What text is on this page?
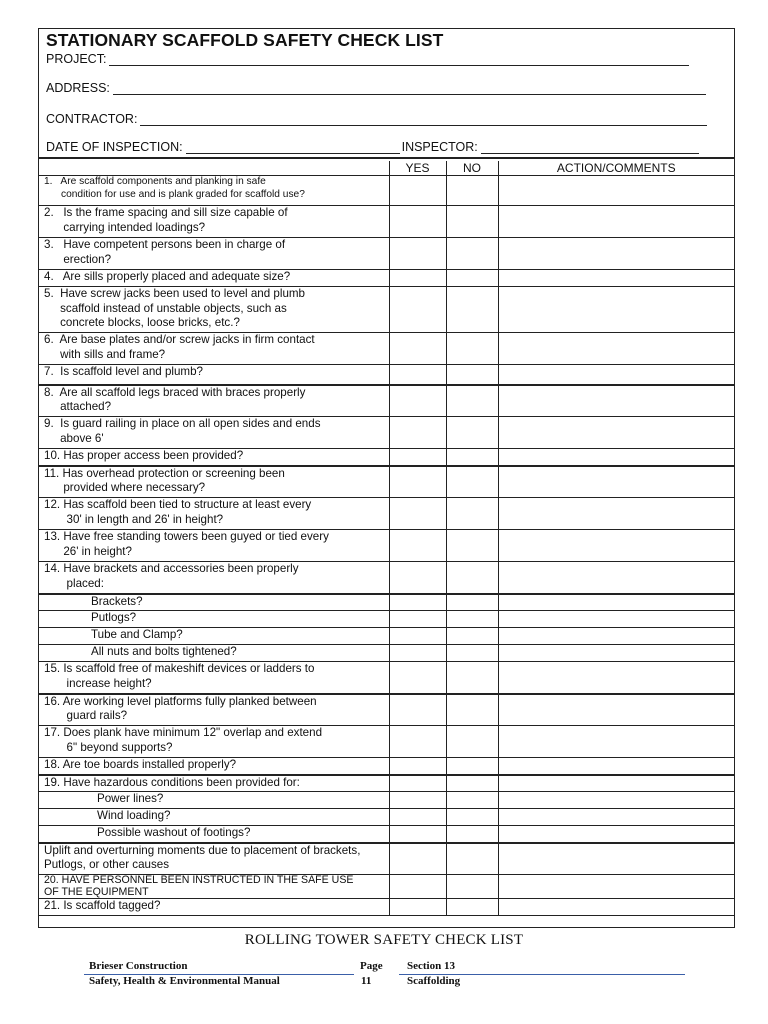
STATIONARY SCAFFOLD SAFETY CHECK LIST
PROJECT:
ADDRESS:
CONTRACTOR:
DATE OF INSPECTION:	INSPECTOR:
	YES	NO	ACTION/COMMENTS
1.   Are scaffold components and planking in safe
condition for use and is plank graded for scaffold use?			
2.   Is the frame spacing and sill size capable of
carrying intended loadings?			
3.   Have competent persons been in charge of
erection?			
4.   Are sills properly placed and adequate size?			
5.  Have screw jacks been used to level and plumb
scaffold instead of unstable objects, such as
concrete blocks, loose bricks, etc.?			
6.  Are base plates and/or screw jacks in firm contact
with sills and frame?			
7.  Is scaffold level and plumb?			
8.  Are all scaffold legs braced with braces properly
attached?			
9.  Is guard railing in place on all open sides and ends
above 6'			
10. Has proper access been provided?			
11. Has overhead protection or screening been
provided where necessary?			
12. Has scaffold been tied to structure at least every
30' in length and 26' in height?			
13. Have free standing towers been guyed or tied every
26' in height?			
14. Have brackets and accessories been properly
placed:			
Brackets?			
Putlogs?			
Tube and Clamp?			
All nuts and bolts tightened?			
15. Is scaffold free of makeshift devices or ladders to
increase height?			
16. Are working level platforms fully planked between
guard rails?			
17. Does plank have minimum 12" overlap and extend
6" beyond supports?			
18. Are toe boards installed properly?			
19. Have hazardous conditions been provided for:			
Power lines?			
Wind loading?			
Possible washout of footings?			
Uplift and overturning moments due to placement of brackets,
Putlogs, or other causes			
20. HAVE PERSONNEL BEEN INSTRUCTED IN THE SAFE USE
OF THE EQUIPMENT			
21. Is scaffold tagged?			
ROLLING TOWER SAFETY CHECK LIST
Brieser Construction
Safety, Health & Environmental Manual
Page
11
Section 13
Scaffolding
